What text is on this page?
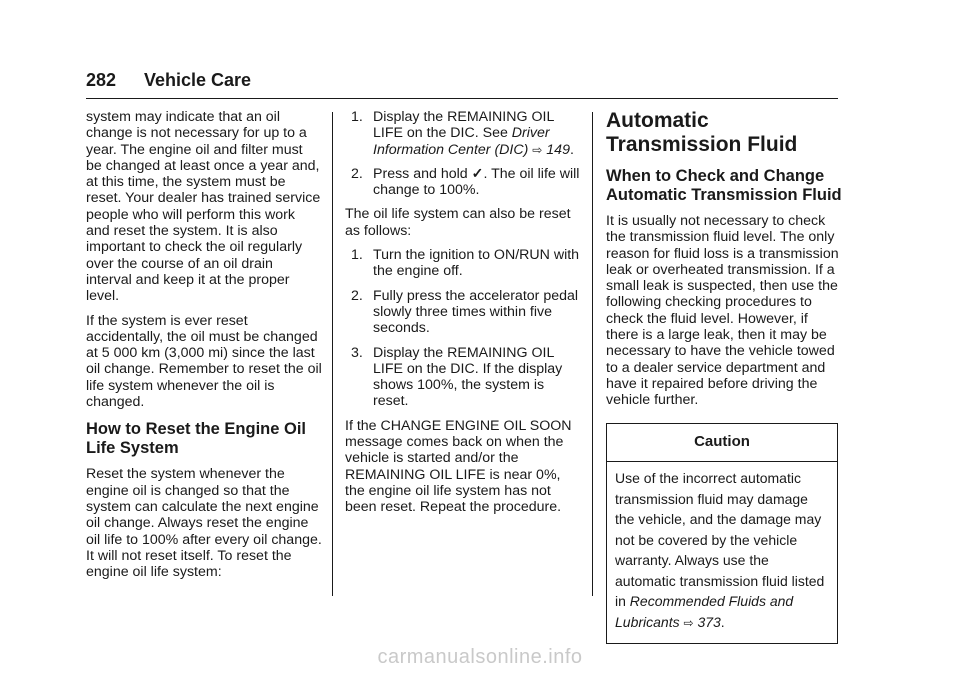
282 Vehicle Care

system may indicate that an oil change is not necessary for up to a year. The engine oil and filter must be changed at least once a year and, at this time, the system must be reset. Your dealer has trained service people who will perform this work and reset the system. It is also important to check the oil regularly over the course of an oil drain interval and keep it at the proper level.

If the system is ever reset accidentally, the oil must be changed at 5 000 km (3,000 mi) since the last oil change. Remember to reset the oil life system whenever the oil is changed.

How to Reset the Engine Oil Life System

Reset the system whenever the engine oil is changed so that the system can calculate the next engine oil change. Always reset the engine oil life to 100% after every oil change. It will not reset itself. To reset the engine oil life system:

1. Display the REMAINING OIL LIFE on the DIC. See Driver Information Center (DIC) ⇨ 149.
2. Press and hold ✓. The oil life will change to 100%.

The oil life system can also be reset as follows:

1. Turn the ignition to ON/RUN with the engine off.
2. Fully press the accelerator pedal slowly three times within five seconds.
3. Display the REMAINING OIL LIFE on the DIC. If the display shows 100%, the system is reset.

If the CHANGE ENGINE OIL SOON message comes back on when the vehicle is started and/or the REMAINING OIL LIFE is near 0%, the engine oil life system has not been reset. Repeat the procedure.

Automatic Transmission Fluid
When to Check and Change Automatic Transmission Fluid

It is usually not necessary to check the transmission fluid level. The only reason for fluid loss is a transmission leak or overheated transmission. If a small leak is suspected, then use the following checking procedures to check the fluid level. However, if there is a large leak, then it may be necessary to have the vehicle towed to a dealer service department and have it repaired before driving the vehicle further.

Caution
Use of the incorrect automatic transmission fluid may damage the vehicle, and the damage may not be covered by the vehicle warranty. Always use the automatic transmission fluid listed in Recommended Fluids and Lubricants ⇨ 373.
carmanualsonline.info
